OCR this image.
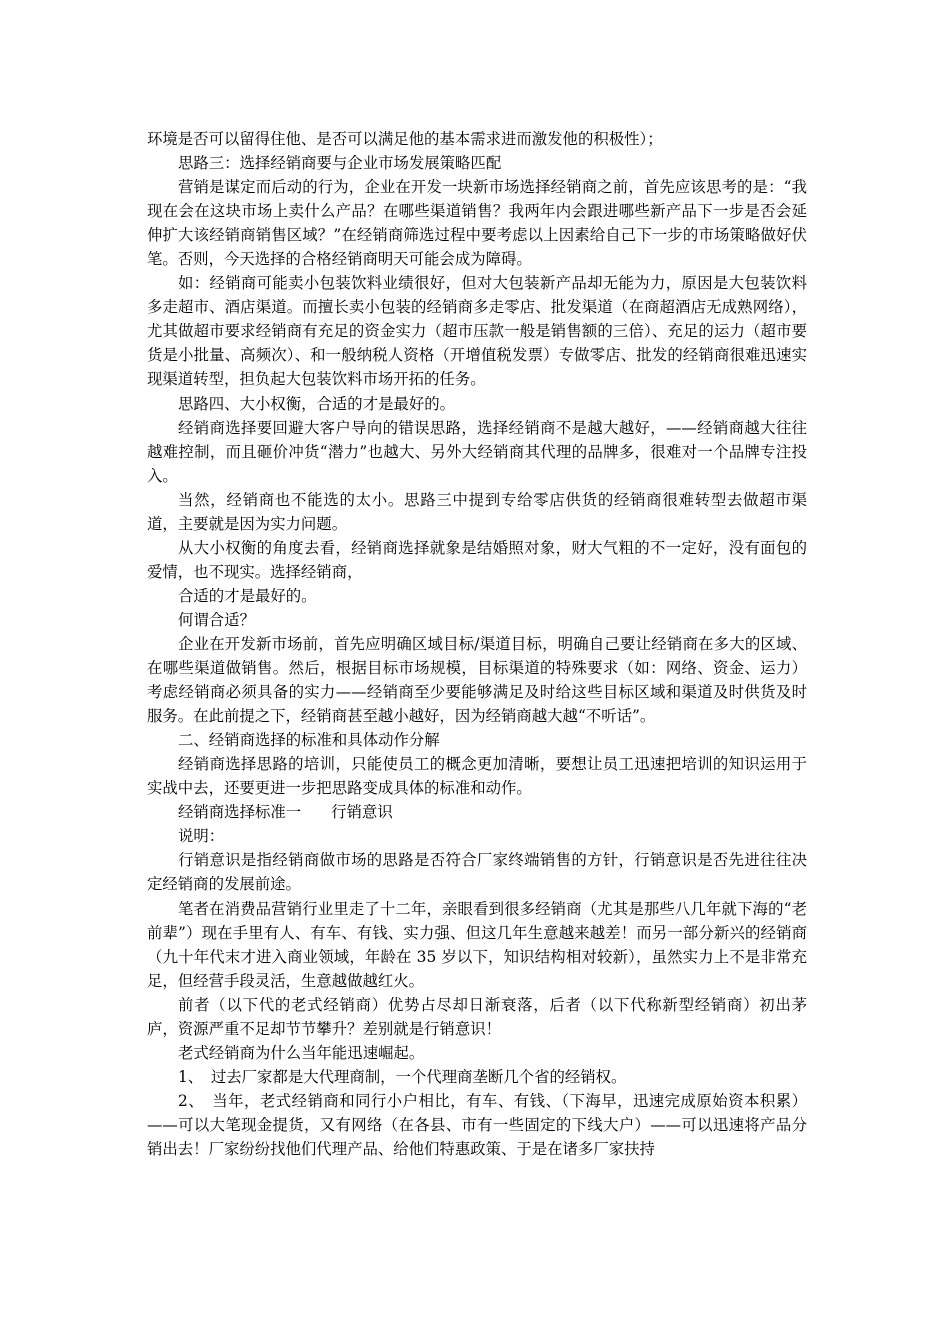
环境是否可以留得住他、是否可以满足他的基本需求进而激发他的积极性）；

思路三：选择经销商要与企业市场发展策略匹配

营销是谋定而后动的行为，企业在开发一块新市场选择经销商之前，首先应该思考的是：“我现在会在这块市场上卖什么产品？在哪些渠道销售？我两年内会跟进哪些新产品下一步是否会延伸扩大该经销商销售区域？”在经销商筛选过程中要考虑以上因素给自己下一步的市场策略做好伏笔。否则，今天选择的合格经销商明天可能会成为障碍。

如：经销商可能卖小包装饮料业绩很好，但对大包装新产品却无能为力，原因是大包装饮料多走超市、酒店渠道。而擅长卖小包装的经销商多走零店、批发渠道（在商超酒店无成熟网络），尤其做超市要求经销商有充足的资金实力（超市压款一般是销售额的三倍）、充足的运力（超市要货是小批量、高频次）、和一般纳税人资格（开增值税发票）专做零店、批发的经销商很难迅速实现渠道转型，担负起大包装饮料市场开拓的任务。

思路四、大小权衡，合适的才是最好的。

经销商选择要回避大客户导向的错误思路，选择经销商不是越大越好，——经销商越大往往越难控制，而且砸价冲货“潜力”也越大、另外大经销商其代理的品牌多，很难对一个品牌专注投入。

当然，经销商也不能选的太小。思路三中提到专给零店供货的经销商很难转型去做超市渠道，主要就是因为实力问题。

从大小权衡的角度去看，经销商选择就象是结婚照对象，财大气粗的不一定好，没有面包的爱情，也不现实。选择经销商，

合适的才是最好的。

何谓合适？

企业在开发新市场前，首先应明确区域目标/渠道目标，明确自己要让经销商在多大的区域、在哪些渠道做销售。然后，根据目标市场规模，目标渠道的特殊要求（如：网络、资金、运力）考虑经销商必须具备的实力——经销商至少要能够满足及时给这些目标区域和渠道及时供货及时服务。在此前提之下，经销商甚至越小越好，因为经销商越大越“不听话”。

二、经销商选择的标准和具体动作分解

经销商选择思路的培训，只能使员工的概念更加清晰，要想让员工迅速把培训的知识运用于实战中去，还要更进一步把思路变成具体的标准和动作。

经销商选择标准一 行销意识

说明：

行销意识是指经销商做市场的思路是否符合厂家终端销售的方针，行销意识是否先进往往决定经销商的发展前途。

笔者在消费品营销行业里走了十二年，亲眼看到很多经销商（尤其是那些八几年就下海的“老前辈”）现在手里有人、有车、有钱、实力强、但这几年生意越来越差！而另一部分新兴的经销商（九十年代末才进入商业领域，年龄在 35 岁以下，知识结构相对较新），虽然实力上不是非常充足，但经营手段灵活，生意越做越红火。

前者（以下代的老式经销商）优势占尽却日渐衰落，后者（以下代称新型经销商）初出茅庐，资源严重不足却节节攀升？差别就是行销意识！

老式经销商为什么当年能迅速崛起。

1、　过去厂家都是大代理商制，一个代理商垄断几个省的经销权。

2、　当年，老式经销商和同行小户相比，有车、有钱、（下海早，迅速完成原始资本积累）——可以大笔现金提货，又有网络（在各县、市有一些固定的下线大户）——可以迅速将产品分销出去！厂家纷纷找他们代理产品、给他们特惠政策、于是在诸多厂家扶持
